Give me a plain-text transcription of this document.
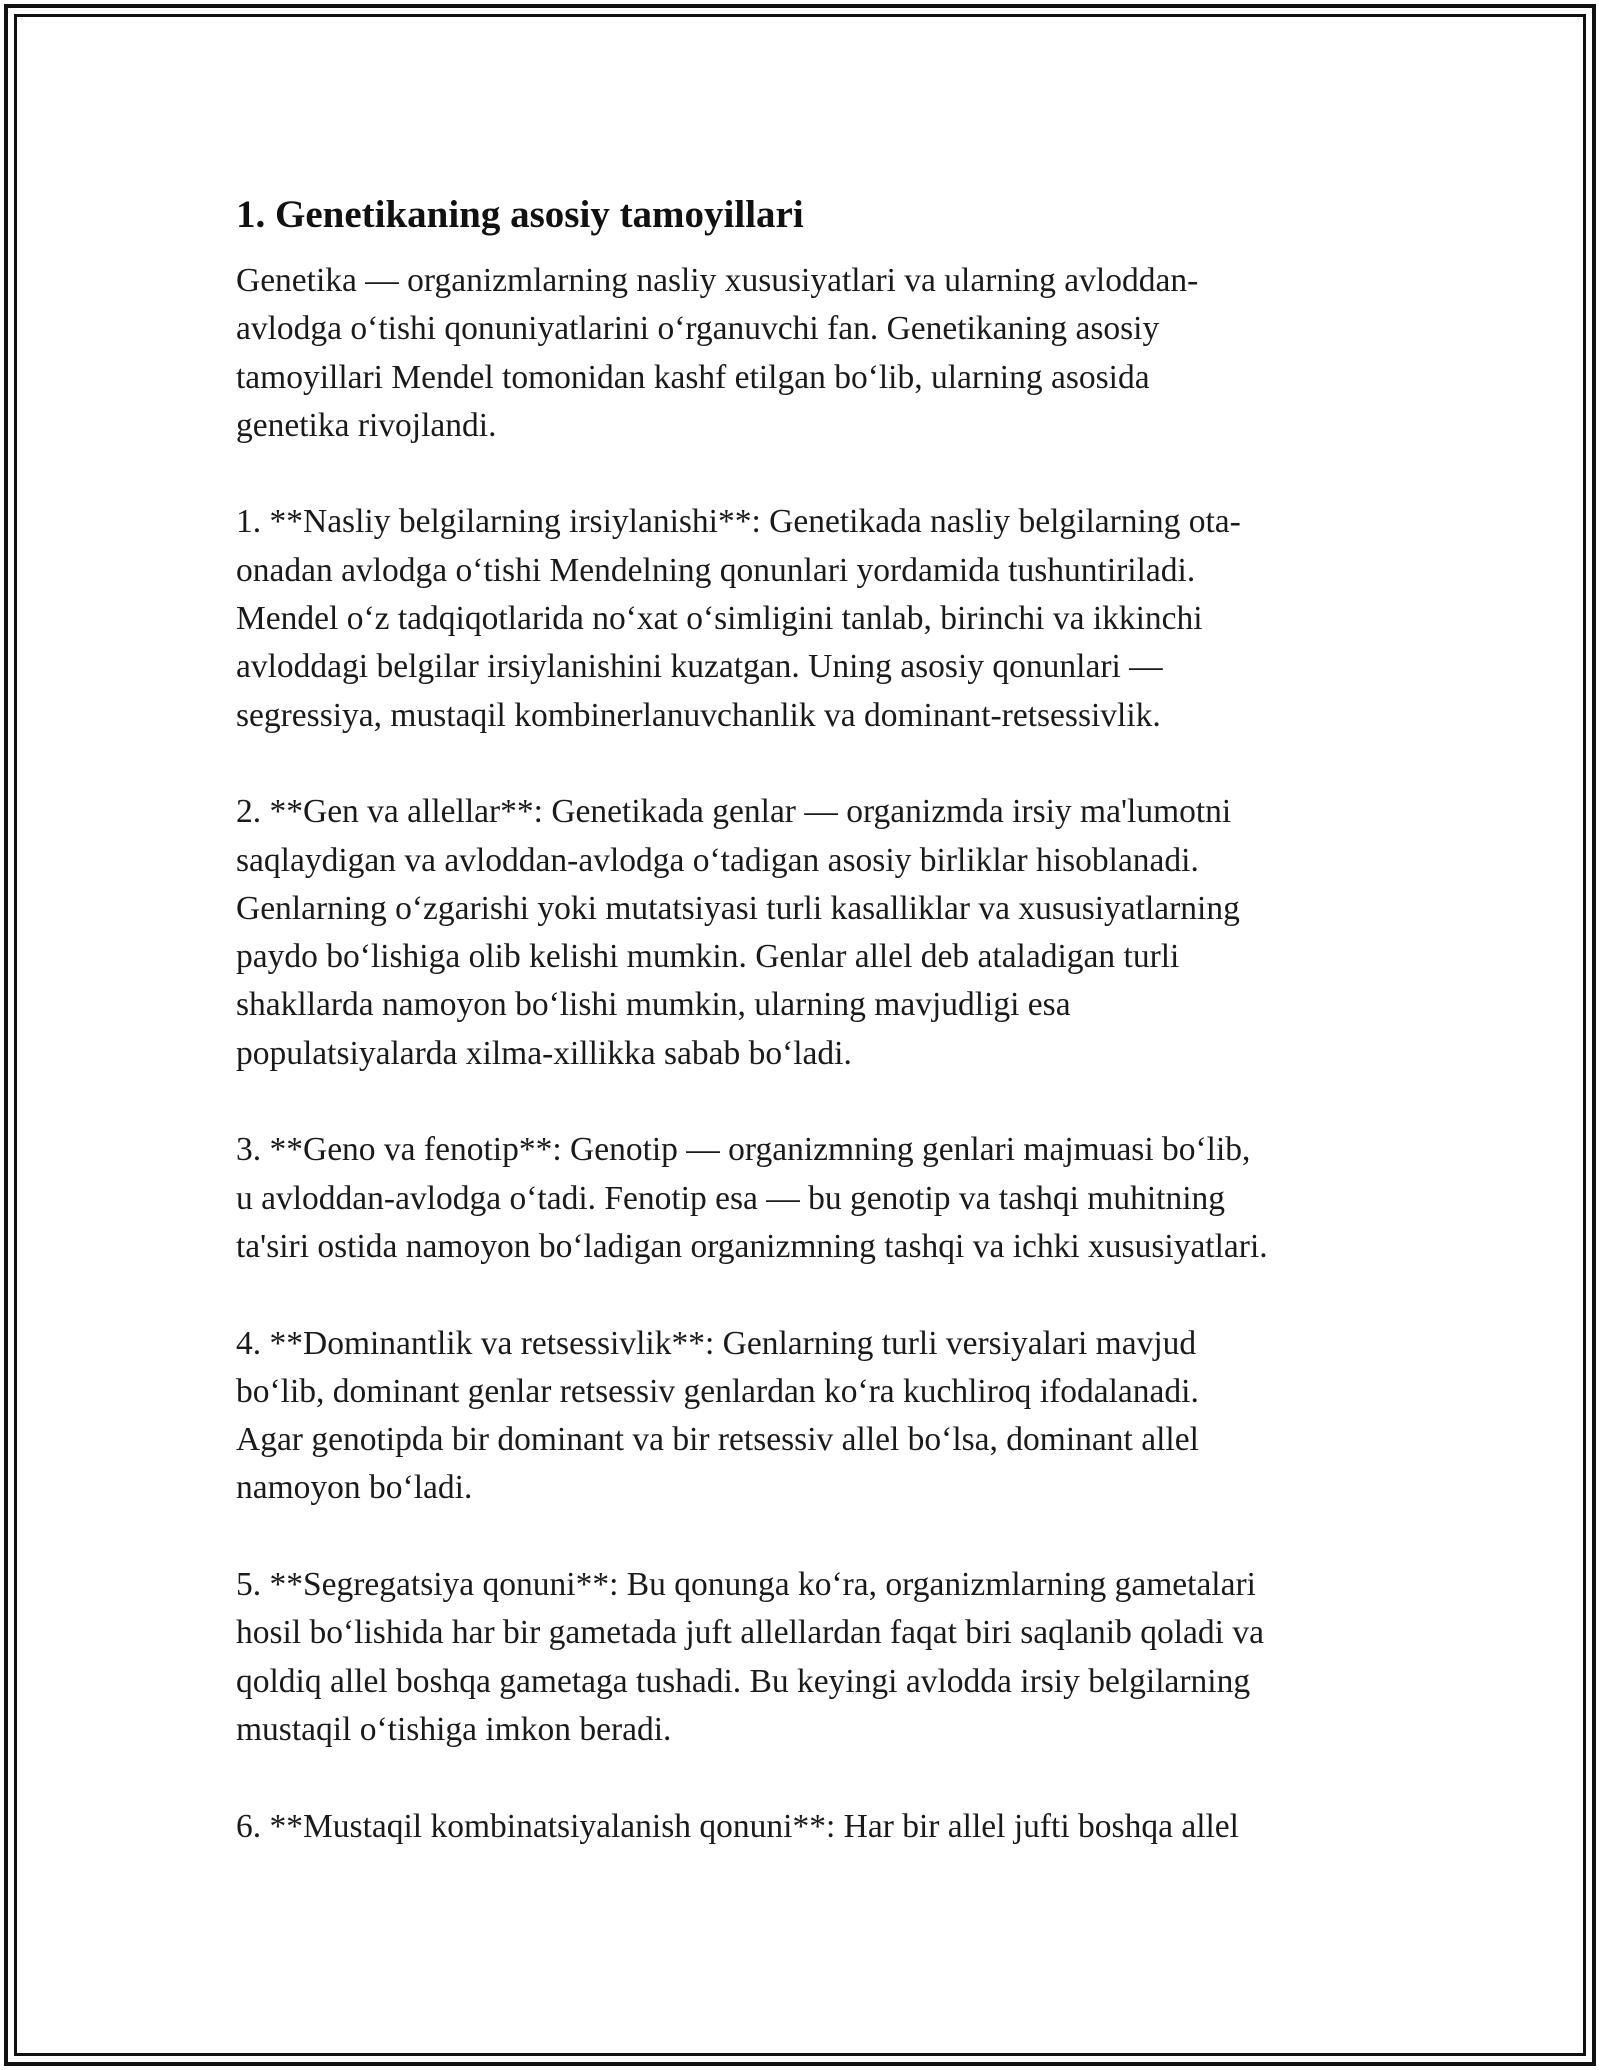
1. Genetikaning asosiy tamoyillari

Genetika — organizmlarning nasliy xususiyatlari va ularning avloddan-
avlodga o‘tishi qonuniyatlarini o‘rganuvchi fan. Genetikaning asosiy
tamoyillari Mendel tomonidan kashf etilgan bo‘lib, ularning asosida
genetika rivojlandi.

1. **Nasliy belgilarning irsiylanishi**: Genetikada nasliy belgilarning ota-
onadan avlodga o‘tishi Mendelning qonunlari yordamida tushuntiriladi.
Mendel o‘z tadqiqotlarida no‘xat o‘simligini tanlab, birinchi va ikkinchi
avloddagi belgilar irsiylanishini kuzatgan. Uning asosiy qonunlari —
segressiya, mustaqil kombinerlanuvchanlik va dominant-retsessivlik.

2. **Gen va allellar**: Genetikada genlar — organizmda irsiy ma'lumotni
saqlaydigan va avloddan-avlodga o‘tadigan asosiy birliklar hisoblanadi.
Genlarning o‘zgarishi yoki mutatsiyasi turli kasalliklar va xususiyatlarning
paydo bo‘lishiga olib kelishi mumkin. Genlar allel deb ataladigan turli
shakllarda namoyon bo‘lishi mumkin, ularning mavjudligi esa
populatsiyalarda xilma-xillikka sabab bo‘ladi.

3. **Geno va fenotip**: Genotip — organizmning genlari majmuasi bo‘lib,
u avloddan-avlodga o‘tadi. Fenotip esa — bu genotip va tashqi muhitning
ta'siri ostida namoyon bo‘ladigan organizmning tashqi va ichki xususiyatlari.

4. **Dominantlik va retsessivlik**: Genlarning turli versiyalari mavjud
bo‘lib, dominant genlar retsessiv genlardan ko‘ra kuchliroq ifodalanadi.
Agar genotipda bir dominant va bir retsessiv allel bo‘lsa, dominant allel
namoyon bo‘ladi.

5. **Segregatsiya qonuni**: Bu qonunga ko‘ra, organizmlarning gametalari
hosil bo‘lishida har bir gametada juft allellardan faqat biri saqlanib qoladi va
qoldiq allel boshqa gametaga tushadi. Bu keyingi avlodda irsiy belgilarning
mustaqil o‘tishiga imkon beradi.

6. **Mustaqil kombinatsiyalanish qonuni**: Har bir allel jufti boshqa allel
